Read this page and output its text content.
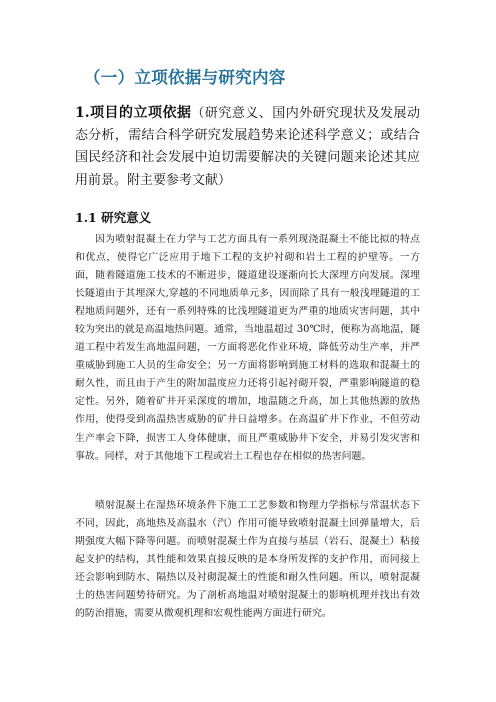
（一）立项依据与研究内容

1.项目的立项依据（研究意义、国内外研究现状及发展动态分析，需结合科学研究发展趋势来论述科学意义；或结合国民经济和社会发展中迫切需要解决的关键问题来论述其应用前景。附主要参考文献）

1.1 研究意义

因为喷射混凝土在力学与工艺方面具有一系列现浇混凝土不能比拟的特点和优点，使得它广泛应用于地下工程的支护衬砌和岩土工程的护壁等。一方面，随着隧道施工技术的不断进步，隧道建设逐渐向长大深埋方向发展。深埋长隧道由于其埋深大,穿越的不同地质单元多，因而除了具有一般浅埋隧道的工程地质问题外，还有一系列特殊的比浅埋隧道更为严重的地质灾害问题，其中较为突出的就是高温地热问题。通常，当地温超过 30℃时，便称为高地温，隧道工程中若发生高地温问题，一方面将恶化作业环境，降低劳动生产率，并严重威胁到施工人员的生命安全；另一方面将影响到施工材料的选取和混凝土的耐久性，而且由于产生的附加温度应力还将引起衬砌开裂，严重影响隧道的稳定性。另外，随着矿井开采深度的增加，地温随之升高，加上其他热源的放热作用，使得受到高温热害威胁的矿井日益增多。在高温矿井下作业，不但劳动生产率会下降，损害工人身体健康，而且严重威胁井下安全，并易引发灾害和事故。同样，对于其他地下工程或岩土工程也存在相似的热害问题。

喷射混凝土在湿热环境条件下施工工艺参数和物理力学指标与常温状态下不同，因此，高地热及高温水（汽）作用可能导致喷射混凝土回弹量增大，后期强度大幅下降等问题。而喷射混凝土作为直接与基层（岩石、混凝土）粘接起支护的结构，其性能和效果直接反映的是本身所发挥的支护作用，而同接上还会影响到防水、隔热以及衬砌混凝土的性能和耐久性问题。所以，喷射混凝土的热害问题势待研究。为了剖析高地温对喷射混凝土的影响机理并找出有效的防治措施，需要从微观机理和宏观性能两方面进行研究。
